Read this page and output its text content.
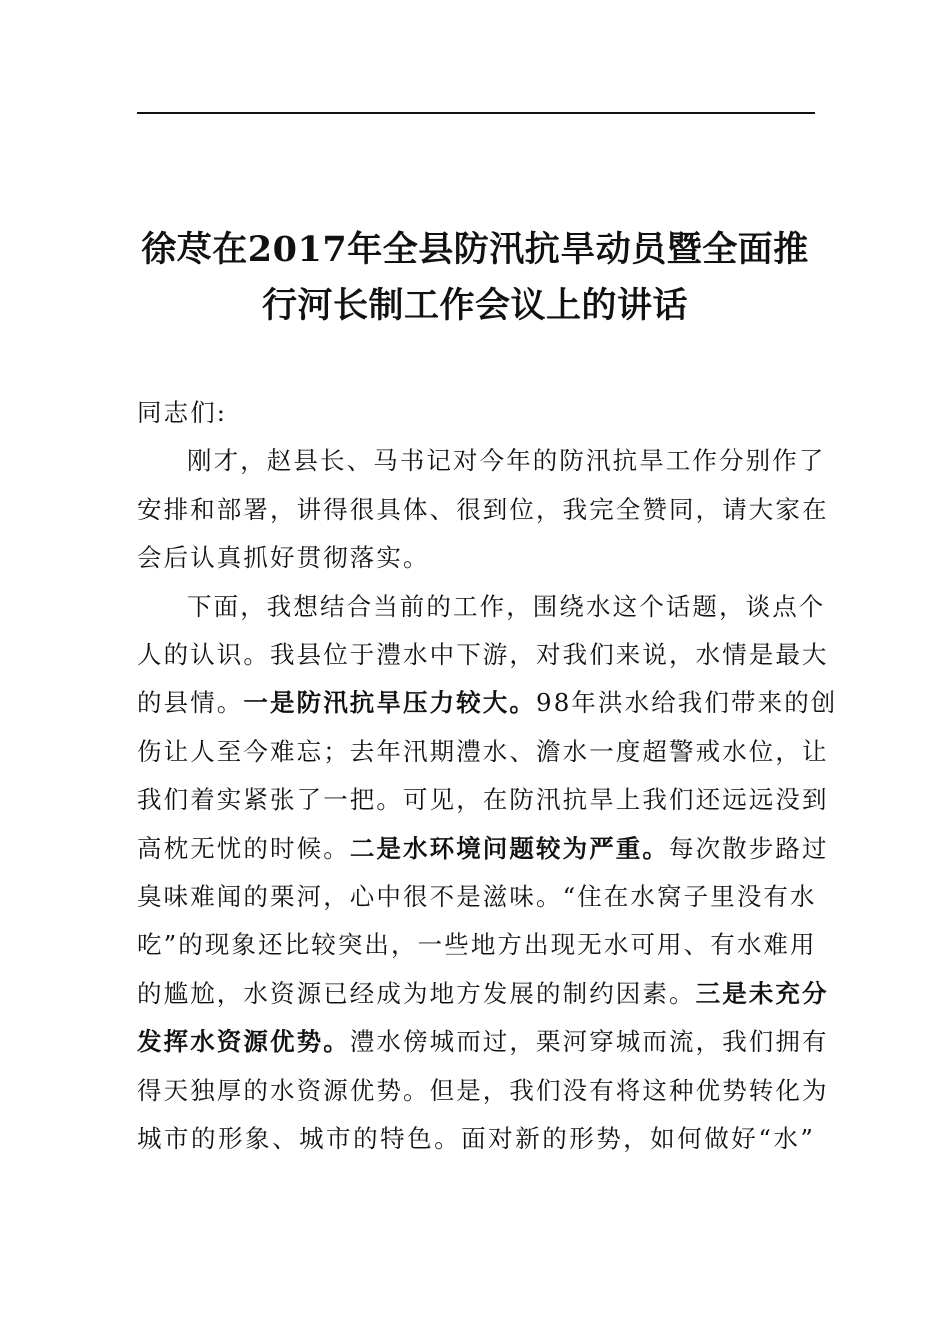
徐荩在2017年全县防汛抗旱动员暨全面推
行河长制工作会议上的讲话
同志们:
刚才，赵县长、马书记对今年的防汛抗旱工作分别作了
安排和部署，讲得很具体、很到位，我完全赞同，请大家在
会后认真抓好贯彻落实。
下面，我想结合当前的工作，围绕水这个话题，谈点个
人的认识。我县位于澧水中下游，对我们来说，水情是最大
的县情。一是防汛抗旱压力较大。98年洪水给我们带来的创
伤让人至今难忘；去年汛期澧水、澹水一度超警戒水位，让
我们着实紧张了一把。可见，在防汛抗旱上我们还远远没到
高枕无忧的时候。二是水环境问题较为严重。每次散步路过
臭味难闻的栗河，心中很不是滋味。“住在水窝子里没有水
吃”的现象还比较突出，一些地方出现无水可用、有水难用
的尴尬，水资源已经成为地方发展的制约因素。三是未充分
发挥水资源优势。澧水傍城而过，栗河穿城而流，我们拥有
得天独厚的水资源优势。但是，我们没有将这种优势转化为
城市的形象、城市的特色。面对新的形势，如何做好“水”
